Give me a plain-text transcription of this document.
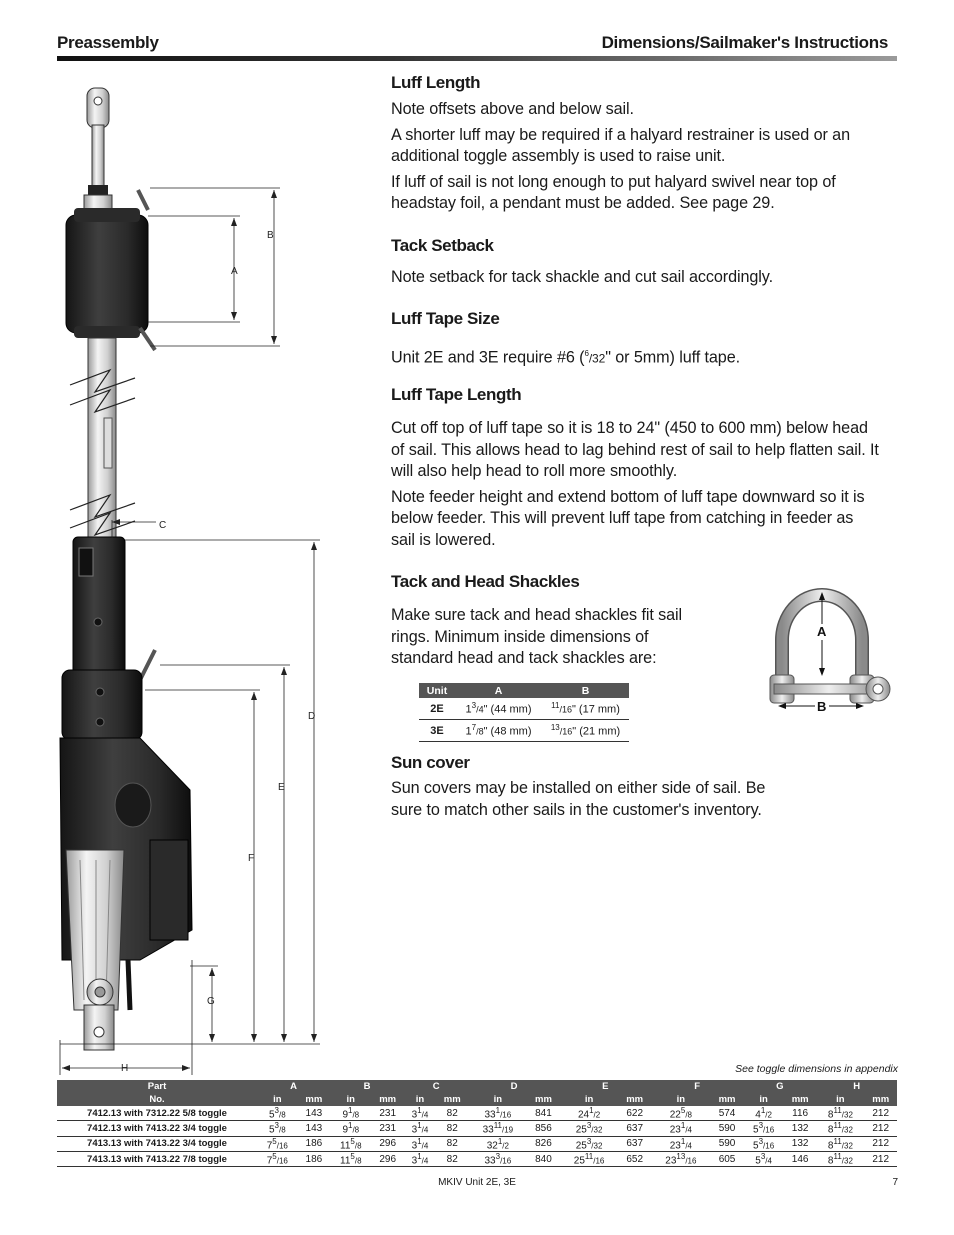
Preassembly	Dimensions/Sailmaker's Instructions
B
A
C
D
E
F
G
H
Luff Length

Note offsets above and below sail.

A shorter luff may be required if a halyard restrainer is used or an additional toggle assembly is used to raise unit.

If luff of sail is not long enough to put halyard swivel near top of headstay foil, a pendant must be added. See page 29.

Tack Setback

Note setback for tack shackle and cut sail accordingly.

Luff Tape Size

Unit 2E and 3E require #6 ($^6$/32" or 5mm) luff tape.

Luff Tape Length

Cut off top of luff tape so it is 18 to 24" (450 to 600 mm) below head of sail. This allows head to lag behind rest of sail to help flatten sail. It will also help head to roll more smoothly.

Note feeder height and extend bottom of luff tape downward so it is below feeder. This will prevent luff tape from catching in feeder as sail is lowered.

Tack and Head Shackles

Make sure tack and head shackles fit sail rings. Minimum inside dimensions of standard head and tack shackles are:

Unit	A	B
2E	$1^3/4$" (44 mm)	$^{11}$/16" (17 mm)
3E	$1^7/8$" (48 mm)	$^{13}$/16" (21 mm)
A
B
Sun cover

Sun covers may be installed on either side of sail. Be sure to match other sails in the customer's inventory.

See toggle dimensions in appendix
Part	A		B		C		D		E		F		G		H	
No.	in	mm	in	mm	in	mm	in	mm	in	mm	in	mm	in	mm	in	mm
7412.13 with 7312.22 5/8 toggle	$5^3/8$	143	$9^1/8$	231	$3^1/4$	82	$33^1/16$	841	$24^1/2$	622	$22^5/8$	574	$4^1/2$	116	$8^{11}/32$	212
7412.13 with 7413.22 3/4 toggle	$5^3/8$	143	$9^1/8$	231	$3^1/4$	82	$33^{11}/19$	856	$25^3/32$	637	$23^1/4$	590	$5^3/16$	132	$8^{11}/32$	212
7413.13 with 7413.22 3/4 toggle	$7^5/16$	186	$11^5/8$	296	$3^1/4$	82	$32^1/2$	826	$25^3/32$	637	$23^1/4$	590	$5^3/16$	132	$8^{11}/32$	212
7413.13 with 7413.22 7/8 toggle	$7^5/16$	186	$11^5/8$	296	$3^1/4$	82	$33^3/16$	840	$25^{11}/16$	652	$23^{13}/16$	605	$5^3/4$	146	$8^{11}/32$	212
MKIV Unit 2E, 3E	7
